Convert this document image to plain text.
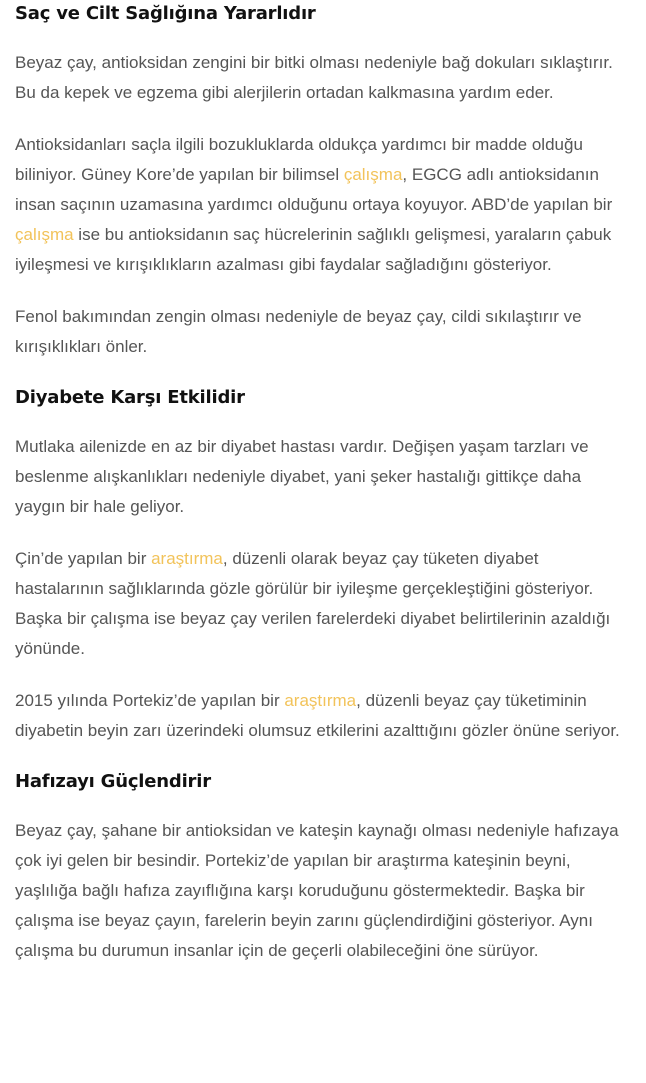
Saç ve Cilt Sağlığına Yararlıdır

Beyaz çay, antioksidan zengini bir bitki olması nedeniyle bağ dokuları sıklaştırır. Bu da kepek ve egzema gibi alerjilerin ortadan kalkmasına yardım eder.

Antioksidanları saçla ilgili bozukluklarda oldukça yardımcı bir madde olduğu biliniyor. Güney Kore’de yapılan bir bilimsel çalışma, EGCG adlı antioksidanın insan saçının uzamasına yardımcı olduğunu ortaya koyuyor. ABD’de yapılan bir çalışma ise bu antioksidanın saç hücrelerinin sağlıklı gelişmesi, yaraların çabuk iyileşmesi ve kırışıklıkların azalması gibi faydalar sağladığını gösteriyor.

Fenol bakımından zengin olması nedeniyle de beyaz çay, cildi sıkılaştırır ve kırışıklıkları önler.

Diyabete Karşı Etkilidir

Mutlaka ailenizde en az bir diyabet hastası vardır. Değişen yaşam tarzları ve beslenme alışkanlıkları nedeniyle diyabet, yani şeker hastalığı gittikçe daha yaygın bir hale geliyor.

Çin’de yapılan bir araştırma, düzenli olarak beyaz çay tüketen diyabet hastalarının sağlıklarında gözle görülür bir iyileşme gerçekleştiğini gösteriyor. Başka bir çalışma ise beyaz çay verilen farelerdeki diyabet belirtilerinin azaldığı yönünde.

2015 yılında Portekiz’de yapılan bir araştırma, düzenli beyaz çay tüketiminin diyabetin beyin zarı üzerindeki olumsuz etkilerini azalttığını gözler önüne seriyor.

Hafızayı Güçlendirir

Beyaz çay, şahane bir antioksidan ve kateşin kaynağı olması nedeniyle hafızaya çok iyi gelen bir besindir. Portekiz’de yapılan bir araştırma kateşinin beyni, yaşlılığa bağlı hafıza zayıflığına karşı koruduğunu göstermektedir. Başka bir çalışma ise beyaz çayın, farelerin beyin zarını güçlendirdiğini gösteriyor. Aynı çalışma bu durumun insanlar için de geçerli olabileceğini öne sürüyor.
